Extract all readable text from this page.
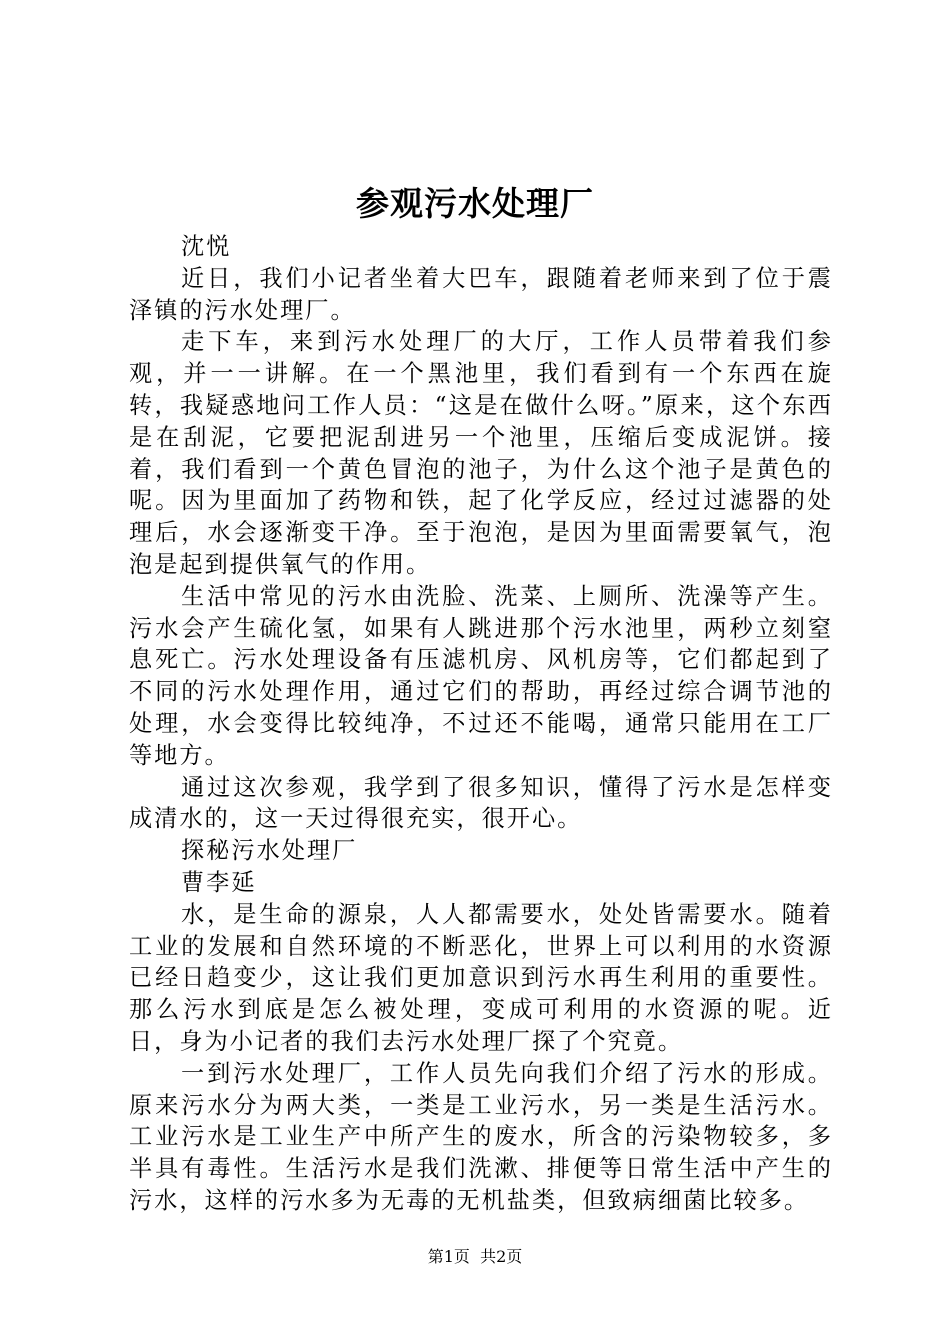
参观污水处理厂

沈悦

近日，我们小记者坐着大巴车，跟随着老师来到了位于震泽镇的污水处理厂。

走下车，来到污水处理厂的大厅，工作人员带着我们参观，并一一讲解。在一个黑池里，我们看到有一个东西在旋转，我疑惑地问工作人员：“这是在做什么呀。”原来，这个东西是在刮泥，它要把泥刮进另一个池里，压缩后变成泥饼。接着，我们看到一个黄色冒泡的池子，为什么这个池子是黄色的呢。因为里面加了药物和铁，起了化学反应，经过过滤器的处理后，水会逐渐变干净。至于泡泡，是因为里面需要氧气，泡泡是起到提供氧气的作用。

生活中常见的污水由洗脸、洗菜、上厕所、洗澡等产生。污水会产生硫化氢，如果有人跳进那个污水池里，两秒立刻窒息死亡。污水处理设备有压滤机房、风机房等，它们都起到了不同的污水处理作用，通过它们的帮助，再经过综合调节池的处理，水会变得比较纯净，不过还不能喝，通常只能用在工厂等地方。

通过这次参观，我学到了很多知识，懂得了污水是怎样变成清水的，这一天过得很充实，很开心。

探秘污水处理厂

曹李延

水，是生命的源泉，人人都需要水，处处皆需要水。随着工业的发展和自然环境的不断恶化，世界上可以利用的水资源已经日趋变少，这让我们更加意识到污水再生利用的重要性。那么污水到底是怎么被处理，变成可利用的水资源的呢。近日，身为小记者的我们去污水处理厂探了个究竟。

一到污水处理厂，工作人员先向我们介绍了污水的形成。原来污水分为两大类，一类是工业污水，另一类是生活污水。工业污水是工业生产中所产生的废水，所含的污染物较多，多半具有毒性。生活污水是我们洗漱、排便等日常生活中产生的污水，这样的污水多为无毒的无机盐类，但致病细菌比较多。

第1页 共2页
